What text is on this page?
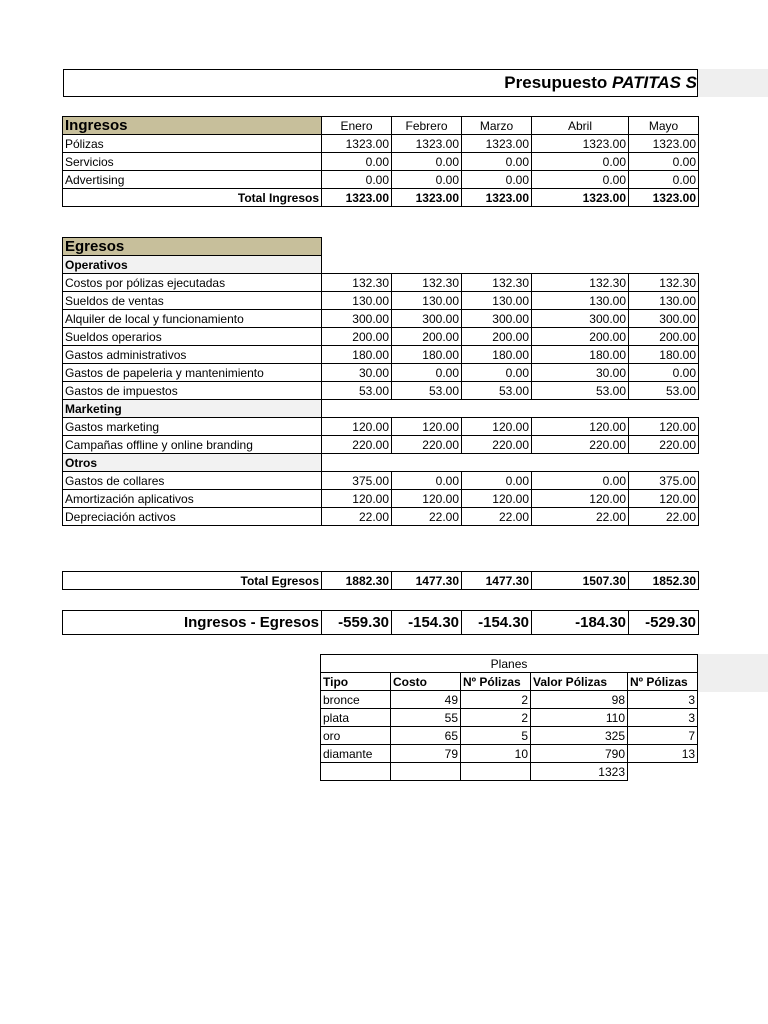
Presupuesto PATITAS S
Ingresos	Enero	Febrero	Marzo	Abril	Mayo
Pólizas	1323.00	1323.00	1323.00	1323.00	1323.00
Servicios	0.00	0.00	0.00	0.00	0.00
Advertising	0.00	0.00	0.00	0.00	0.00
Total Ingresos	1323.00	1323.00	1323.00	1323.00	1323.00
Egresos					
Operativos					
Costos por pólizas ejecutadas	132.30	132.30	132.30	132.30	132.30
Sueldos de ventas	130.00	130.00	130.00	130.00	130.00
Alquiler de local y funcionamiento	300.00	300.00	300.00	300.00	300.00
Sueldos operarios	200.00	200.00	200.00	200.00	200.00
Gastos administrativos	180.00	180.00	180.00	180.00	180.00
Gastos de papeleria y mantenimiento	30.00	0.00	0.00	30.00	0.00
Gastos de impuestos	53.00	53.00	53.00	53.00	53.00
Marketing					
Gastos marketing	120.00	120.00	120.00	120.00	120.00
Campañas offline y online branding	220.00	220.00	220.00	220.00	220.00
Otros					
Gastos de collares	375.00	0.00	0.00	0.00	375.00
Amortización aplicativos	120.00	120.00	120.00	120.00	120.00
Depreciación activos	22.00	22.00	22.00	22.00	22.00
Total Egresos	1882.30	1477.30	1477.30	1507.30	1852.30
Ingresos - Egresos	-559.30	-154.30	-154.30	-184.30	-529.30
Planes				
Tipo	Costo	Nº Pólizas	Valor Pólizas	Nº Pólizas
bronce	49	2	98	3
plata	55	2	110	3
oro	65	5	325	7
diamante	79	10	790	13
			1323	
